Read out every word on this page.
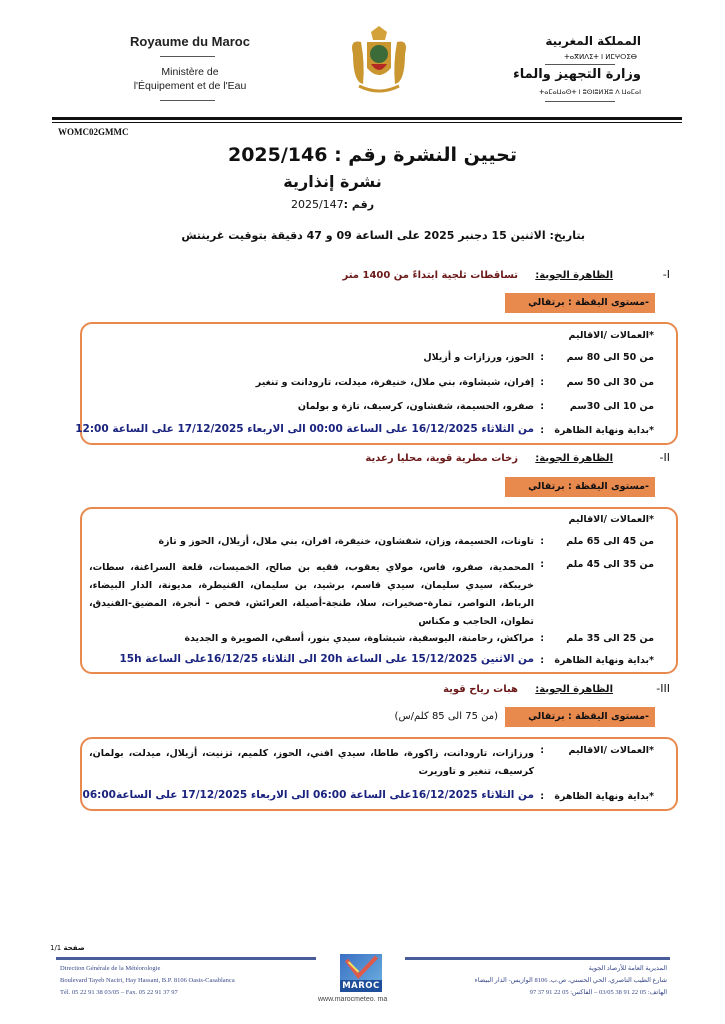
Royaume du Maroc
Ministère de
l'Équipement et de l'Eau
المملكة المغربية
ⵜⴰⴳⵍⴷⵉⵜ ⵏ ⵍⵎⵖⵔⵉⴱ
وزارة التجهيز والماء
ⵜⴰⵎⴰⵡⴰⵙⵜ ⵏ ⵓⵙⵏⵓⵍⴼⵓ ⴷ ⵡⴰⵎⴰⵏ
WOMC02GMMC
تحيين النشرة رقم : 2025/146
نشرة إنذارية
رقم :2025/147
بتاريخ: الاثنين 15 دجنبر 2025 على الساعة 09 و 47 دقيقة بتوقيت غرينتش
I-
الظاهرة الجوية:
تساقطات ثلجية ابتداءً من 1400 متر
-مستوى اليقظة : برتقالي
*العمالات /الاقاليم
من 50 الى 80 سم
:
الحوز، ورزازات و أزيلال
من 30 الى 50 سم
:
إفران، شيشاوة، بني ملال، خنيفرة، ميدلت، تارودانت و تنغير
من 10 الى 30سم
:
صفرو، الحسيمة، شفشاون، كرسيف، تازة و بولمان
*بداية ونهاية الظاهرة
:
من الثلاثاء 16/12/2025 على الساعة 00:00 الى الاربعاء 17/12/2025 على الساعة 12:00
II-
الظاهرة الجوية:
زخات مطرية قوية، محليا رعدية
-مستوى اليقظة : برتقالي
*العمالات /الاقاليم
من 45 الى 65 ملم
:
تاونات، الحسيمة، وزان، شفشاون، خنيفرة، افران، بني ملال، أزيلال، الحوز و تازة
من 35 الى 45 ملم
:
المحمدية، صفرو، فاس، مولاي يعقوب، فقيه بن صالح، الخميسات، قلعة السراغنة، سطات، خريبكة، سيدي سليمان، سيدي قاسم، برشيد، بن سليمان، القنيطرة، مديونة، الدار البيضاء، الرباط، النواصر، تمارة-صخيرات، سلا، طنجة-أصيلة، العرائش، فحص - أنجرة، المضيق-الفنيدق، تطوان، الحاجب و مكناس
من 25 الى 35 ملم
:
مراكش، رحامنة، اليوسفية، شيشاوة، سيدي بنور، أسفي، الصويرة و الجديدة
*بداية ونهاية الظاهرة
:
من الاثنين 15/12/2025 على الساعة 20h الى الثلاثاء 16/12/25على الساعة 15h
III-
الظاهرة الجوية:
هبات رياح قوية
-مستوى اليقظة : برتقالي
(من 75 الى 85 كلم/س)
*العمالات /الاقاليم
:
ورزازات، تارودانت، زاكورة، طاطا، سيدي افني، الحوز، كلميم، تزنيت، أزيلال، ميدلت، بولمان، كرسيف، تنغير و تاوريرت
*بداية ونهاية الظاهرة
:
من الثلاثاء 16/12/2025على الساعة 06:00 الى الاربعاء 17/12/2025 على الساعة06:00
صفحة 1/1
Direction Générale de la Météorologie
Boulevard Tayeb Naciri, Hay Hassani, B.P. 8106 Oasis-Casablanca
Tél. 05 22 91 38 03/05 – Fax. 05 22 91 37 97
MAROC
www.marocmeteo. ma
المديرية العامة للأرصاد الجوية
شارع الطيب الناصري، الحي الحسني، ص.ب. 8106 الوازيس- الدار البيضاء
الهاتف: 05 22 91 38 03/05 – الفاكس: 05 22 91 37 97
